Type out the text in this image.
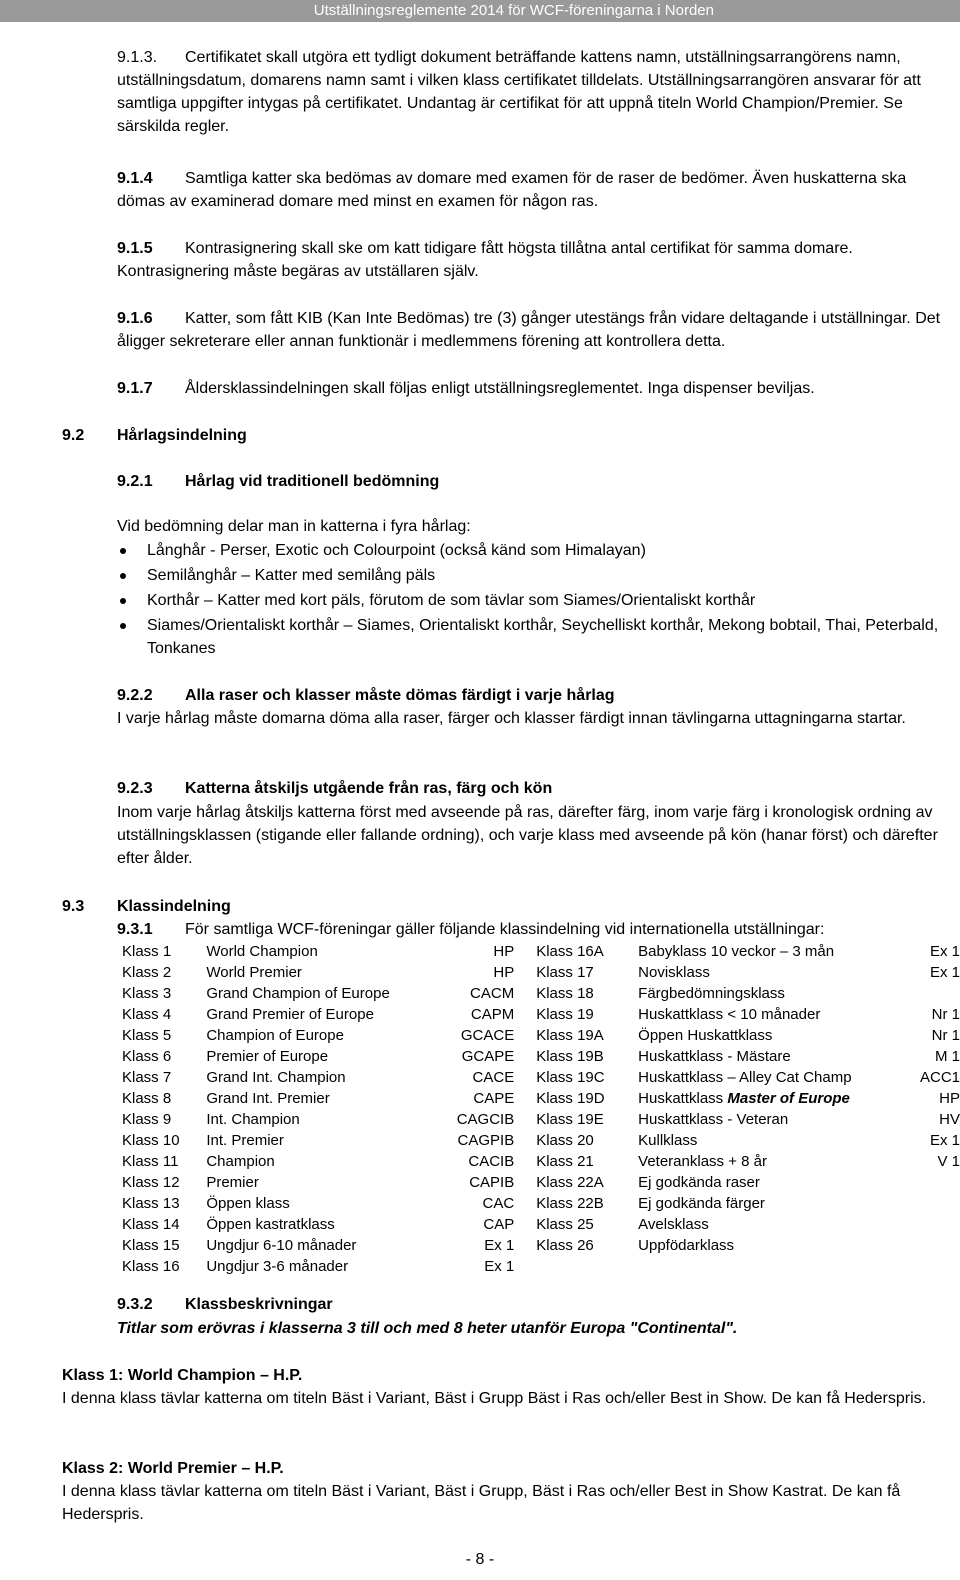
Utställningsreglemente 2014 för WCF-föreningarna i Norden
9.1.3. Certifikatet skall utgöra ett tydligt dokument beträffande kattens namn, utställningsarrangörens namn, utställningsdatum, domarens namn samt i vilken klass certifikatet tilldelats. Utställningsarrangören ansvarar för att samtliga uppgifter intygas på certifikatet. Undantag är certifikat för att uppnå titeln World Champion/Premier. Se särskilda regler.
9.1.4 Samtliga katter ska bedömas av domare med examen för de raser de bedömer. Även huskatterna ska dömas av examinerad domare med minst en examen för någon ras.
9.1.5 Kontrasignering skall ske om katt tidigare fått högsta tillåtna antal certifikat för samma domare. Kontrasignering måste begäras av utställaren själv.
9.1.6 Katter, som fått KIB (Kan Inte Bedömas) tre (3) gånger utestängs från vidare deltagande i utställningar. Det åligger sekreterare eller annan funktionär i medlemmens förening att kontrollera detta.
9.1.7 Åldersklassindelningen skall följas enligt utställningsreglementet. Inga dispenser beviljas.
9.2 Hårlagsindelning
9.2.1 Hårlag vid traditionell bedömning
Vid bedömning delar man in katterna i fyra hårlag:
Långhår - Perser, Exotic och Colourpoint (också känd som Himalayan)
Semilånghår – Katter med semilång päls
Korthår – Katter med kort päls, förutom de som tävlar som Siames/Orientaliskt korthår
Siames/Orientaliskt korthår – Siames, Orientaliskt korthår, Seychelliskt korthår, Mekong bobtail, Thai, Peterbald, Tonkanes
9.2.2 Alla raser och klasser måste dömas färdigt i varje hårlag
I varje hårlag måste domarna döma alla raser, färger och klasser färdigt innan tävlingarna uttagningarna startar.
9.2.3 Katterna åtskiljs utgående från ras, färg och kön
Inom varje hårlag åtskiljs katterna först med avseende på ras, därefter färg, inom varje färg i kronologisk ordning av utställningsklassen (stigande eller fallande ordning), och varje klass med avseende på kön (hanar först) och därefter efter ålder.
9.3 Klassindelning
9.3.1 För samtliga WCF-föreningar gäller följande klassindelning vid internationella utställningar:
Klass 1	World Champion	HP	Klass 16A	Babyklass 10 veckor – 3 mån	Ex 1
Klass 2	World Premier	HP	Klass 17	Novisklass	Ex 1
Klass 3	Grand Champion of Europe	CACM	Klass 18	Färgbedömningsklass	
Klass 4	Grand Premier of Europe	CAPM	Klass 19	Huskattklass < 10 månader	Nr 1
Klass 5	Champion of Europe	GCACE	Klass 19A	Öppen Huskattklass	Nr 1
Klass 6	Premier of Europe	GCAPE	Klass 19B	Huskattklass - Mästare	M 1
Klass 7	Grand Int. Champion	CACE	Klass 19C	Huskattklass – Alley Cat Champ	ACC1
Klass 8	Grand Int. Premier	CAPE	Klass 19D	Huskattklass Master of Europe	HP
Klass 9	Int. Champion	CAGCIB	Klass 19E	Huskattklass - Veteran	HV
Klass 10	Int. Premier	CAGPIB	Klass 20	Kullklass	Ex 1
Klass 11	Champion	CACIB	Klass 21	Veteranklass + 8 år	V 1
Klass 12	Premier	CAPIB	Klass 22A	Ej godkända raser	
Klass 13	Öppen klass	CAC	Klass 22B	Ej godkända färger	
Klass 14	Öppen kastratklass	CAP	Klass 25	Avelsklass	
Klass 15	Ungdjur 6-10 månader	Ex 1	Klass 26	Uppfödarklass	
Klass 16	Ungdjur 3-6 månader	Ex 1			
9.3.2 Klassbeskrivningar
Titlar som erövras i klasserna 3 till och med 8 heter utanför Europa "Continental".
Klass 1: World Champion – H.P.
I denna klass tävlar katterna om titeln Bäst i Variant, Bäst i Grupp Bäst i Ras och/eller Best in Show. De kan få Hederspris.
Klass 2: World Premier – H.P.
I denna klass tävlar katterna om titeln Bäst i Variant, Bäst i Grupp, Bäst i Ras och/eller Best in Show Kastrat. De kan få Hederspris.
- 8 -
